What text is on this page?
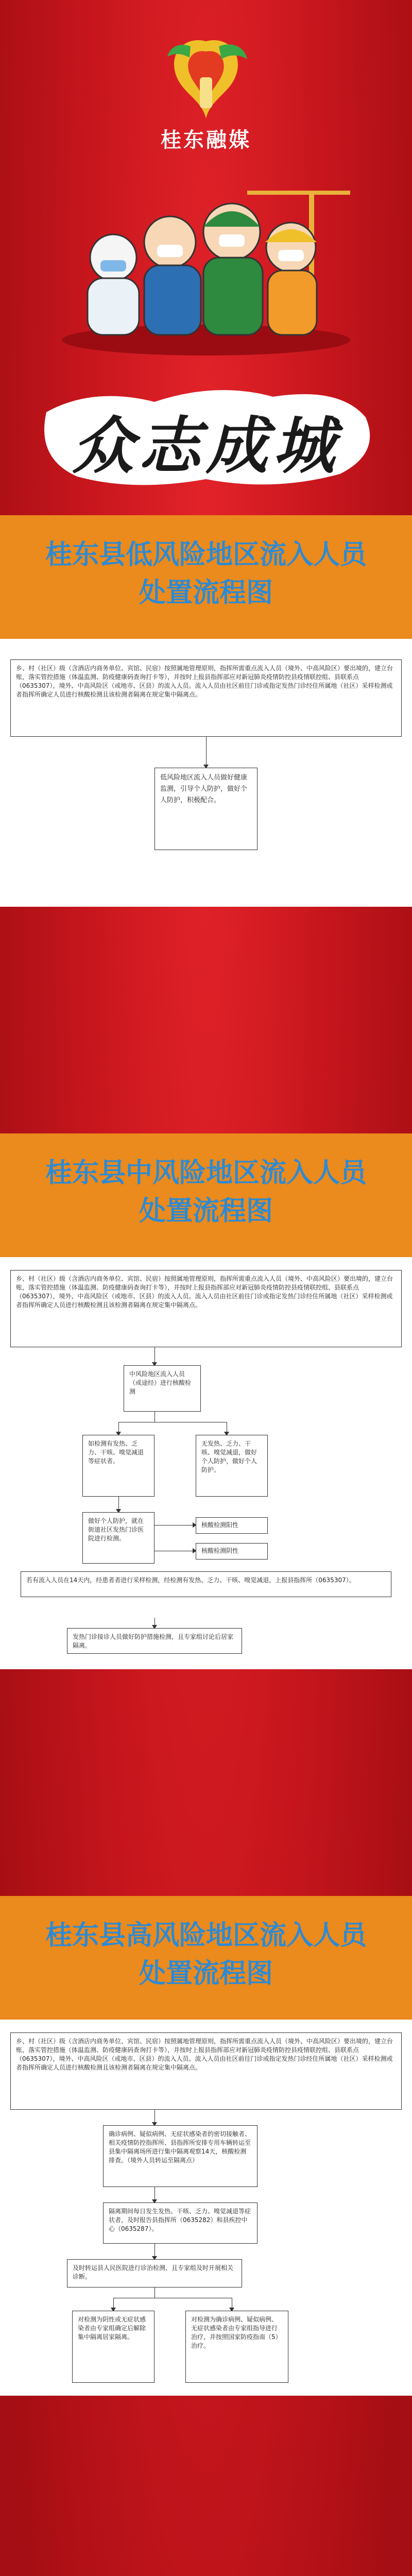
桂东融媒
众志成城
桂东县低风险地区流入人员
处置流程图
乡、村（社区）级（含酒店内商务单位、宾馆、民宿）按照属地管理原则，指挥所需重点流入人员（境外、中高风险区）要出境的，建立台账，落实管控措施（体温监测、防疫健康码查询打卡等），并按时上报县指挥部应对新冠肺炎疫情防控县疫情联控组、县联系点（0635307），境外、中高风险区（或地市、区县）的流入人员。流入人员由社区前往门诊或指定发热门诊经住所属地（社区）采样检测或者指挥所确定人员进行核酸检测且该检测者隔离在规定集中隔离点。
低风险地区流入人员做好健康监测，引导个人防护，做好个人防护，积极配合。
桂东县中风险地区流入人员
处置流程图
乡、村（社区）级（含酒店内商务单位、宾馆、民宿）按照属地管理原则，指挥所需重点流入人员（境外、中高风险区）要出境的，建立台账，落实管控措施（体温监测、防疫健康码查询打卡等），并按时上报县指挥部应对新冠肺炎疫情防控县疫情联控组、县联系点（0635307），境外、中高风险区（或地市、区县）的流入人员。流入人员由社区前往门诊或指定发热门诊经住所属地（社区）采样检测或者指挥所确定人员进行核酸检测且该检测者隔离在规定集中隔离点。
中风险地区流入人员（或途经）进行核酸检测
如检测有发热、乏力、干咳、嗅觉减退等症状者。
无发热、乏力、干咳、嗅觉减退，做好个人防护，做好个人防护。
做好个人防护，就在街道社区发热门诊医院进行检测。
核酸检测阳性
核酸检测阴性
若有流入人员在14天内，经患者者进行采样检测，经检测有发热、乏力、干咳、嗅觉减退，上报县指挥所（0635307）。
发热门诊接诊人员做好防护措施检测，且专家组讨论后居家隔离。
桂东县高风险地区流入人员
处置流程图
乡、村（社区）级（含酒店内商务单位、宾馆、民宿）按照属地管理原则，指挥所需重点流入人员（境外、中高风险区）要出境的，建立台账，落实管控措施（体温监测、防疫健康码查询打卡等），并按时上报县指挥部应对新冠肺炎疫情防控县疫情联控组、县联系点（0635307），境外、中高风险区（或地市、区县）的流入人员。流入人员由社区前往门诊或指定发热门诊经住所属地（社区）采样检测或者指挥所确定人员进行核酸检测且该检测者隔离在规定集中隔离点。
确诊病例、疑似病例、无症状感染者的密切接触者、相关疫情防控指挥所、县指挥所安排专用车辆转运至县集中隔离场所进行集中隔离观察14天，核酸检测排查。（境外人员转运至隔离点）
隔离期间每日发生发热、干咳、乏力、嗅觉减退等症状者，及时报告县指挥所（0635282）和县疾控中心（0635287）。
及时转运县人民医院进行诊治检测，且专家组及时开展相关诊断。
对检测为阴性或无症状感染者由专家组确定后解除集中隔离居家隔离。
对检测为确诊病例、疑似病例、无症状感染者由专家组指导进行治疗，并按照国家防疫指南（5）治疗。
